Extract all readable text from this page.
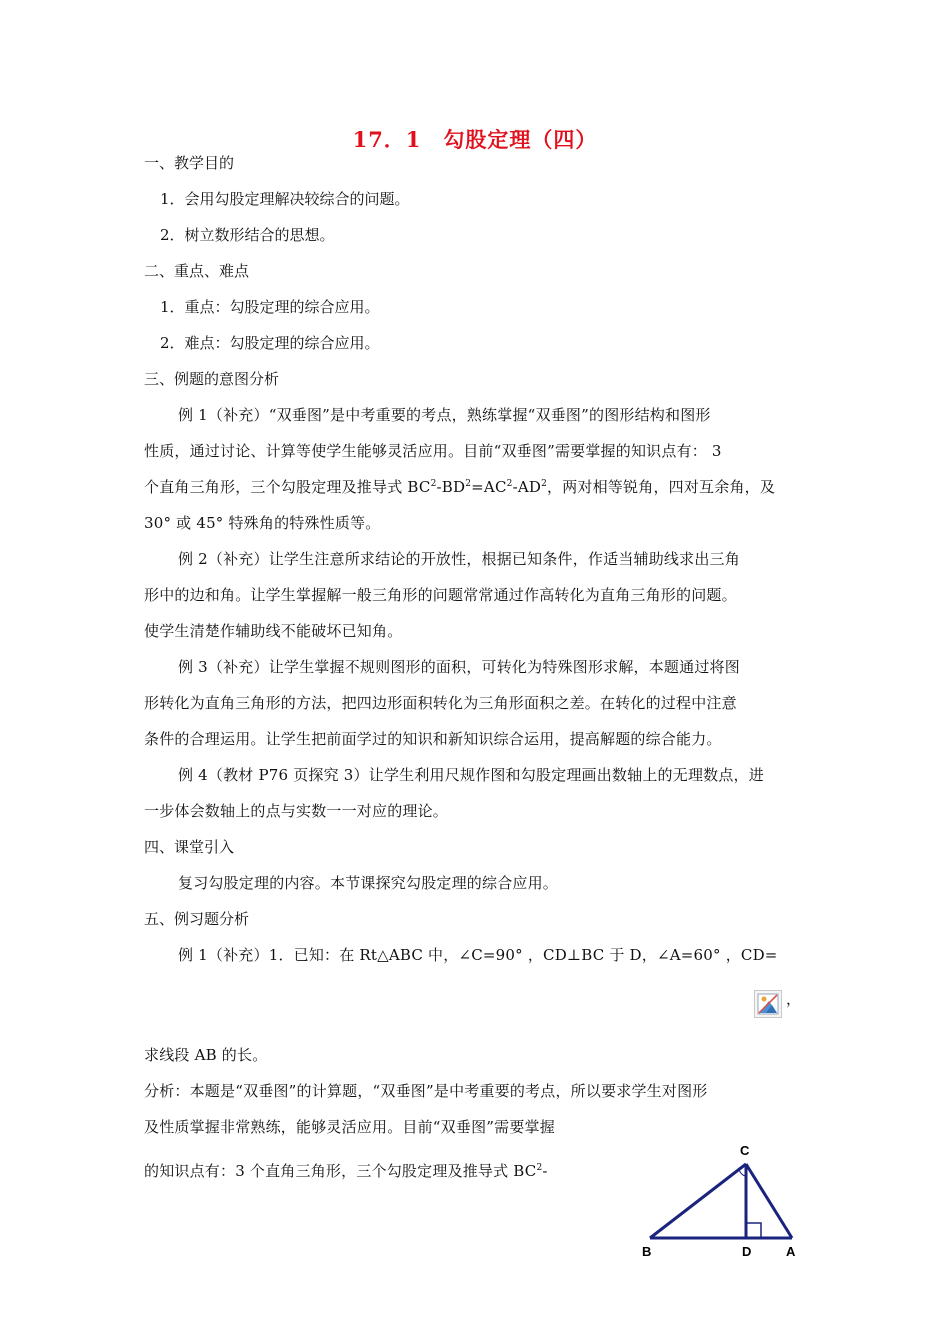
17．1　勾股定理（四）
一、教学目的
1．会用勾股定理解决较综合的问题。
2．树立数形结合的思想。
二、重点、难点
1．重点：勾股定理的综合应用。
2．难点：勾股定理的综合应用。
三、例题的意图分析
例 1（补充）“双垂图”是中考重要的考点，熟练掌握“双垂图”的图形结构和图形
性质，通过讨论、计算等使学生能够灵活应用。目前“双垂图”需要掌握的知识点有： 3
个直角三角形，三个勾股定理及推导式 $BC^2-BD^2=AC^2-AD^2$，两对相等锐角，四对互余角，及
30° 或 45° 特殊角的特殊性质等。
例 2（补充）让学生注意所求结论的开放性，根据已知条件，作适当辅助线求出三角
形中的边和角。让学生掌握解一般三角形的问题常常通过作高转化为直角三角形的问题。
使学生清楚作辅助线不能破坏已知角。
例 3（补充）让学生掌握不规则图形的面积，可转化为特殊图形求解，本题通过将图
形转化为直角三角形的方法，把四边形面积转化为三角形面积之差。在转化的过程中注意
条件的合理运用。让学生把前面学过的知识和新知识综合运用，提高解题的综合能力。
例 4（教材 P76 页探究 3）让学生利用尺规作图和勾股定理画出数轴上的无理数点，进
一步体会数轴上的点与实数一一对应的理论。
四、课堂引入
复习勾股定理的内容。本节课探究勾股定理的综合应用。
五、例习题分析
例 1（补充）1．已知：在 Rt△ABC 中，∠C=90° ，CD⊥BC 于 D，∠A=60° ，CD=
，
求线段 AB 的长。
分析：本题是“双垂图”的计算题，“双垂图”是中考重要的考点，所以要求学生对图形
及性质掌握非常熟练，能够灵活应用。目前“双垂图”需要掌握
的知识点有：3 个直角三角形，三个勾股定理及推导式 $BC^2-$
C
B	D	A
